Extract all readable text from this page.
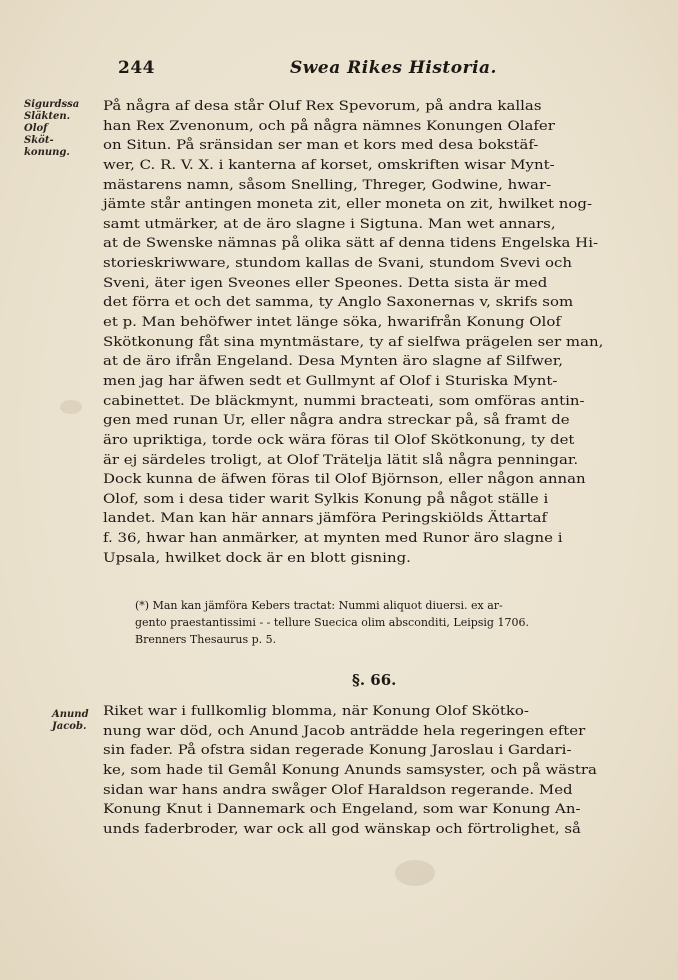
244	Swea Rikes Historia.
Sigurdssa
Släkten.
Olof
Sköt-
konung.
Anund
Jacob.
På några af desa står Oluf Rex Spevorum, på andra kallas
han Rex Zvenonum, och på några nämnes Konungen Olafer
on Situn. På sränsidan ser man et kors med desa bokstäf-
wer, C. R. V. X. i kanterna af korset, omskriften wisar Mynt-
mästarens namn, såsom Snelling, Threger, Godwine, hwar-
jämte står antingen moneta zit, eller moneta on zit, hwilket nog-
samt utmärker, at de äro slagne i Sigtuna. Man wet annars,
at de Swenske nämnas på olika sätt af denna tidens Engelska Hi-
storieskriwware, stundom kallas de Svani, stundom Svevi och
Sveni, äter igen Sveones eller Speones. Detta sista är med
det förra et och det samma, ty Anglo Saxonernas v, skrifs som
et p. Man behöfwer intet länge söka, hwarifrån Konung Olof
Skötkonung fåt sina myntmästare, ty af sielfwa prägelen ser man,
at de äro ifrån Engeland. Desa Mynten äro slagne af Silfwer,
men jag har äfwen sedt et Gullmynt af Olof i Sturiska Mynt-
cabinettet. De bläckmynt, nummi bracteati, som omföras antin-
gen med runan Ur, eller några andra streckar på, så framt de
äro upriktiga, torde ock wära föras til Olof Skötkonung, ty det
är ej särdeles troligt, at Olof Trätelja lätit slå några penningar.
Dock kunna de äfwen föras til Olof Björnson, eller någon annan
Olof, som i desa tider warit Sylkis Konung på något ställe i
landet. Man kan här annars jämföra Peringskiölds Ättartaf
f. 36, hwar han anmärker, at mynten med Runor äro slagne i
Upsala, hwilket dock är en blott gisning.
(*) Man kan jämföra Kebers tractat: Nummi aliquot diuersi. ex ar-
gento praestantissimi - - tellure Suecica olim absconditi, Leipsig 1706.
Brenners Thesaurus p. 5.
§. 66.
Riket war i fullkomlig blomma, när Konung Olof Skötko-
nung war död, och Anund Jacob anträdde hela regeringen efter
sin fader. På ofstra sidan regerade Konung Jaroslau i Gardari-
ke, som hade til Gemål Konung Anunds samsyster, och på wästra
sidan war hans andra swåger Olof Haraldson regerande. Med
Konung Knut i Dannemark och Engeland, som war Konung An-
unds faderbroder, war ock all god wänskap och förtrolighet, så
